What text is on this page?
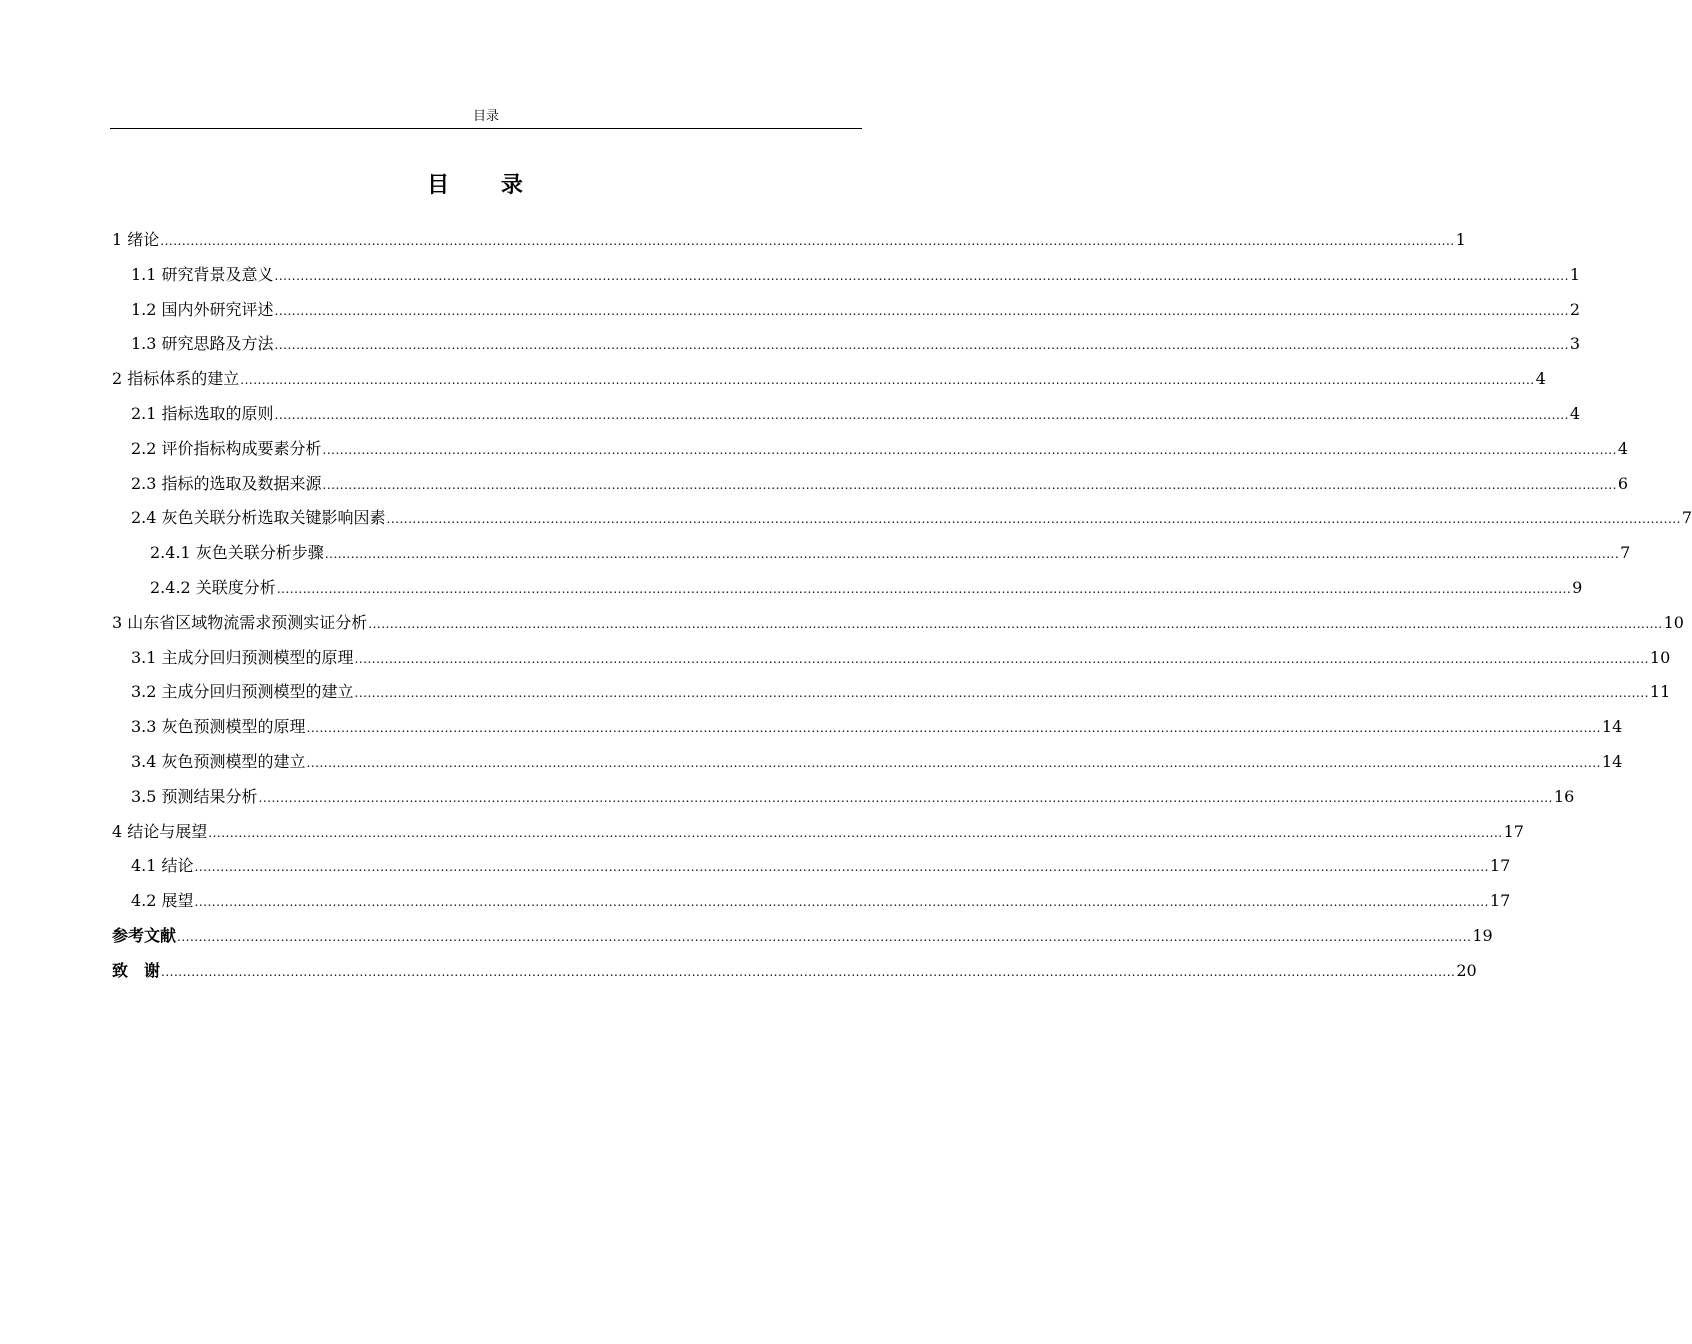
目录
目 录
1 绪论 ............................................................................................................................................................................................................................................................................................................ 1
1.1 研究背景及意义 ............................................................................................................................................................................................................................................................................................................ 1
1.2 国内外研究评述 ............................................................................................................................................................................................................................................................................................................ 2
1.3 研究思路及方法 ............................................................................................................................................................................................................................................................................................................ 3
2 指标体系的建立 ............................................................................................................................................................................................................................................................................................................ 4
2.1 指标选取的原则 ............................................................................................................................................................................................................................................................................................................ 4
2.2 评价指标构成要素分析 ............................................................................................................................................................................................................................................................................................................ 4
2.3 指标的选取及数据来源 ............................................................................................................................................................................................................................................................................................................ 6
2.4 灰色关联分析选取关键影响因素 ............................................................................................................................................................................................................................................................................................................ 7
2.4.1 灰色关联分析步骤 ............................................................................................................................................................................................................................................................................................................ 7
2.4.2 关联度分析 ............................................................................................................................................................................................................................................................................................................ 9
3 山东省区域物流需求预测实证分析 ............................................................................................................................................................................................................................................................................................................ 10
3.1 主成分回归预测模型的原理 ............................................................................................................................................................................................................................................................................................................ 10
3.2 主成分回归预测模型的建立 ............................................................................................................................................................................................................................................................................................................ 11
3.3 灰色预测模型的原理 ............................................................................................................................................................................................................................................................................................................ 14
3.4 灰色预测模型的建立 ............................................................................................................................................................................................................................................................................................................ 14
3.5 预测结果分析 ............................................................................................................................................................................................................................................................................................................ 16
4 结论与展望 ............................................................................................................................................................................................................................................................................................................ 17
4.1 结论 ............................................................................................................................................................................................................................................................................................................ 17
4.2 展望 ............................................................................................................................................................................................................................................................................................................ 17
参考文献 ............................................................................................................................................................................................................................................................................................................ 19
致　谢 ............................................................................................................................................................................................................................................................................................................ 20
